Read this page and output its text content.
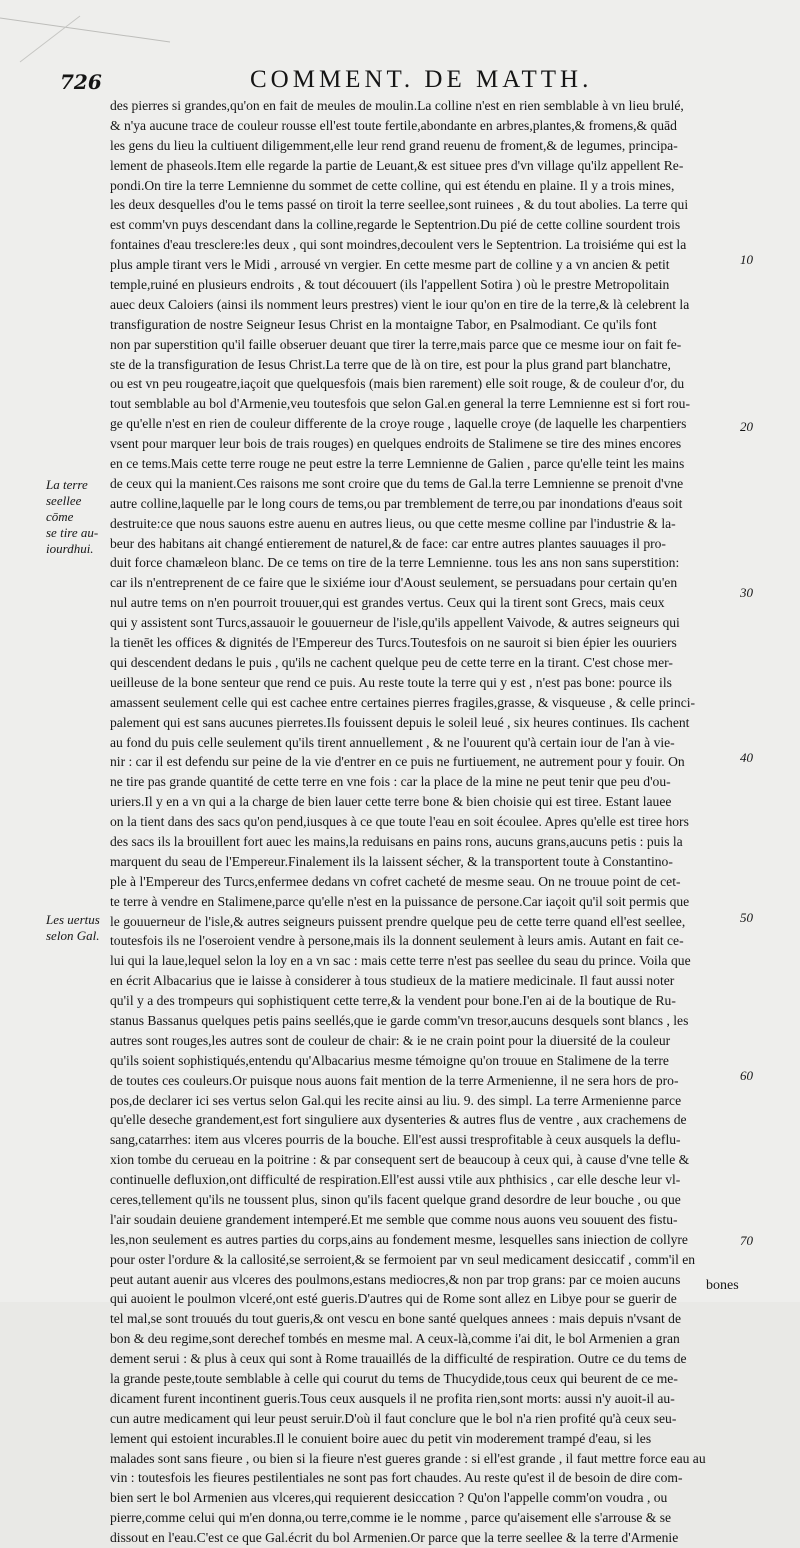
726	COMMENT. DE MATTH.
des pierres si grandes,qu'on en fait de meules de moulin.La colline n'est en rien semblable à vn lieu brulé,
& n'ya aucune trace de couleur rousse ell'est toute fertile,abondante en arbres,plantes,& fromens,& quād
les gens du lieu la cultiuent diligemment,elle leur rend grand reuenu de froment,& de legumes, principa-
lement de phaseols.Item elle regarde la partie de Leuant,& est situee pres d'vn village qu'ilz appellent Re-
pondi.On tire la terre Lemnienne du sommet de cette colline, qui est étendu en plaine. Il y a trois mines,
les deux desquelles d'ou le tems passé on tiroit la terre seellee,sont ruinees , & du tout abolies. La terre qui
est comm'vn puys descendant dans la colline,regarde le Septentrion.Du pié de cette colline sourdent trois
fontaines d'eau tresclere:les deux , qui sont moindres,decoulent vers le Septentrion. La troisiéme qui est la
plus ample tirant vers le Midi , arrousé vn vergier. En cette mesme part de colline y a vn ancien & petit
temple,ruiné en plusieurs endroits , & tout découuert (ils l'appellent Sotira ) où le prestre Metropolitain
auec deux Caloiers (ainsi ils nomment leurs prestres) vient le iour qu'on en tire de la terre,& là celebrent la
transfiguration de nostre Seigneur Iesus Christ en la montaigne Tabor, en Psalmodiant. Ce qu'ils font
non par superstition qu'il faille obseruer deuant que tirer la terre,mais parce que ce mesme iour on fait fe-
ste de la transfiguration de Iesus Christ.La terre que de là on tire, est pour la plus grand part blanchatre,
ou est vn peu rougeatre,iaçoit que quelquesfois (mais bien rarement) elle soit rouge, & de couleur d'or, du
tout semblable au bol d'Armenie,veu toutesfois que selon Gal.en general la terre Lemnienne est si fort rou-
ge qu'elle n'est en rien de couleur differente de la croye rouge , laquelle croye (de laquelle les charpentiers
vsent pour marquer leur bois de trais rouges) en quelques endroits de Stalimene se tire des mines encores
en ce tems.Mais cette terre rouge ne peut estre la terre Lemnienne de Galien , parce qu'elle teint les mains
de ceux qui la manient.Ces raisons me sont croire que du tems de Gal.la terre Lemnienne se prenoit d'vne
autre colline,laquelle par le long cours de tems,ou par tremblement de terre,ou par inondations d'eaus soit
destruite:ce que nous sauons estre auenu en autres lieus, ou que cette mesme colline par l'industrie & la-
beur des habitans ait changé entierement de naturel,& de face: car entre autres plantes sauuages il pro-
duit force chamæleon blanc. De ce tems on tire de la terre Lemnienne. tous les ans non sans superstition:
car ils n'entreprenent de ce faire que le sixiéme iour d'Aoust seulement, se persuadans pour certain qu'en
nul autre tems on n'en pourroit trouuer,qui est grandes vertus. Ceux qui la tirent sont Grecs, mais ceux
qui y assistent sont Turcs,assauoir le gouuerneur de l'isle,qu'ils appellent Vaivode, & autres seigneurs qui
la tienēt les offices & dignités de l'Empereur des Turcs.Toutesfois on ne sauroit si bien épier les ouuriers
qui descendent dedans le puis , qu'ils ne cachent quelque peu de cette terre en la tirant. C'est chose mer-
ueilleuse de la bone senteur que rend ce puis. Au reste toute la terre qui y est , n'est pas bone: pource ils
amassent seulement celle qui est cachee entre certaines pierres fragiles,grasse, & visqueuse , & celle princi-
palement qui est sans aucunes pierretes.Ils fouissent depuis le soleil leué , six heures continues. Ils cachent
au fond du puis celle seulement qu'ils tirent annuellement , & ne l'ouurent qu'à certain iour de l'an à vie-
nir : car il est defendu sur peine de la vie d'entrer en ce puis ne furtiuement, ne autrement pour y fouir. On
ne tire pas grande quantité de cette terre en vne fois : car la place de la mine ne peut tenir que peu d'ou-
uriers.Il y en a vn qui a la charge de bien lauer cette terre bone & bien choisie qui est tiree. Estant lauee
on la tient dans des sacs qu'on pend,iusques à ce que toute l'eau en soit écoulee. Apres qu'elle est tiree hors
des sacs ils la brouillent fort auec les mains,la reduisans en pains rons, aucuns grans,aucuns petis : puis la
marquent du seau de l'Empereur.Finalement ils la laissent sécher, & la transportent toute à Constantino-
ple à l'Empereur des Turcs,enfermee dedans vn cofret cacheté de mesme seau. On ne trouue point de cet-
te terre à vendre en Stalimene,parce qu'elle n'est en la puissance de persone.Car iaçoit qu'il soit permis que
le gouuerneur de l'isle,& autres seigneurs puissent prendre quelque peu de cette terre quand ell'est seellee,
toutesfois ils ne l'oseroient vendre à persone,mais ils la donnent seulement à leurs amis. Autant en fait ce-
lui qui la laue,lequel selon la loy en a vn sac : mais cette terre n'est pas seellee du seau du prince. Voila que
en écrit Albacarius que ie laisse à considerer à tous studieux de la matiere medicinale. Il faut aussi noter
qu'il y a des trompeurs qui sophistiquent cette terre,& la vendent pour bone.I'en ai de la boutique de Ru-
stanus Bassanus quelques petis pains seellés,que ie garde comm'vn tresor,aucuns desquels sont blancs , les
autres sont rouges,les autres sont de couleur de chair: & ie ne crain point pour la diuersité de la couleur
qu'ils soient sophistiqués,entendu qu'Albacarius mesme témoigne qu'on trouue en Stalimene de la terre
de toutes ces couleurs.Or puisque nous auons fait mention de la terre Armenienne, il ne sera hors de pro-
pos,de declarer ici ses vertus selon Gal.qui les recite ainsi au liu. 9. des simpl. La terre Armenienne parce
qu'elle deseche grandement,est fort singuliere aux dysenteries & autres flus de ventre , aux crachemens de
sang,catarrhes: item aus vlceres pourris de la bouche. Ell'est aussi tresprofitable à ceux ausquels la deflu-
xion tombe du cerueau en la poitrine : & par consequent sert de beaucoup à ceux qui, à cause d'vne telle &
continuelle defluxion,ont difficulté de respiration.Ell'est aussi vtile aux phthisics , car elle desche leur vl-
ceres,tellement qu'ils ne toussent plus, sinon qu'ils facent quelque grand desordre de leur bouche , ou que
l'air soudain deuiene grandement intemperé.Et me semble que comme nous auons veu souuent des fistu-
les,non seulement es autres parties du corps,ains au fondement mesme, lesquelles sans iniection de collyre
pour oster l'ordure & la callosité,se serroient,& se fermoient par vn seul medicament desiccatif , comm'il en
peut autant auenir aus vlceres des poulmons,estans mediocres,& non par trop grans: par ce moien aucuns
qui auoient le poulmon vlceré,ont esté gueris.D'autres qui de Rome sont allez en Libye pour se guerir de
tel mal,se sont trouués du tout gueris,& ont vescu en bone santé quelques annees : mais depuis n'vsant de
bon & deu regime,sont derechef tombés en mesme mal. A ceux-là,comme i'ai dit, le bol Armenien a gran
dement serui : & plus à ceux qui sont à Rome trauaillés de la difficulté de respiration. Outre ce du tems de
la grande peste,toute semblable à celle qui courut du tems de Thucydide,tous ceux qui beurent de ce me-
dicament furent incontinent gueris.Tous ceux ausquels il ne profita rien,sont morts: aussi n'y auoit-il au-
cun autre medicament qui leur peust seruir.D'où il faut conclure que le bol n'a rien profité qu'à ceux seu-
lement qui estoient incurables.Il le conuient boire auec du petit vin moderement trampé d'eau, si les
malades sont sans fieure , ou bien si la fieure n'est gueres grande : si ell'est grande , il faut mettre force eau au
vin : toutesfois les fieures pestilentiales ne sont pas fort chaudes. Au reste qu'est il de besoin de dire com-
bien sert le bol Armenien aus vlceres,qui requierent desiccation ? Qu'on l'appelle comm'on voudra , ou
pierre,comme celui qui m'en donna,ou terre,comme ie le nomme , parce qu'aisement elle s'arrouse & se
dissout en l'eau.C'est ce que Gal.écrit du bol Armenien.Or parce que la terre seellee & la terre d'Armenie
La terre
seellee cōme
se tire au-
iourdhui.
Les uertus
selon Gal.
10
20
30
40
50
60
70
bones
